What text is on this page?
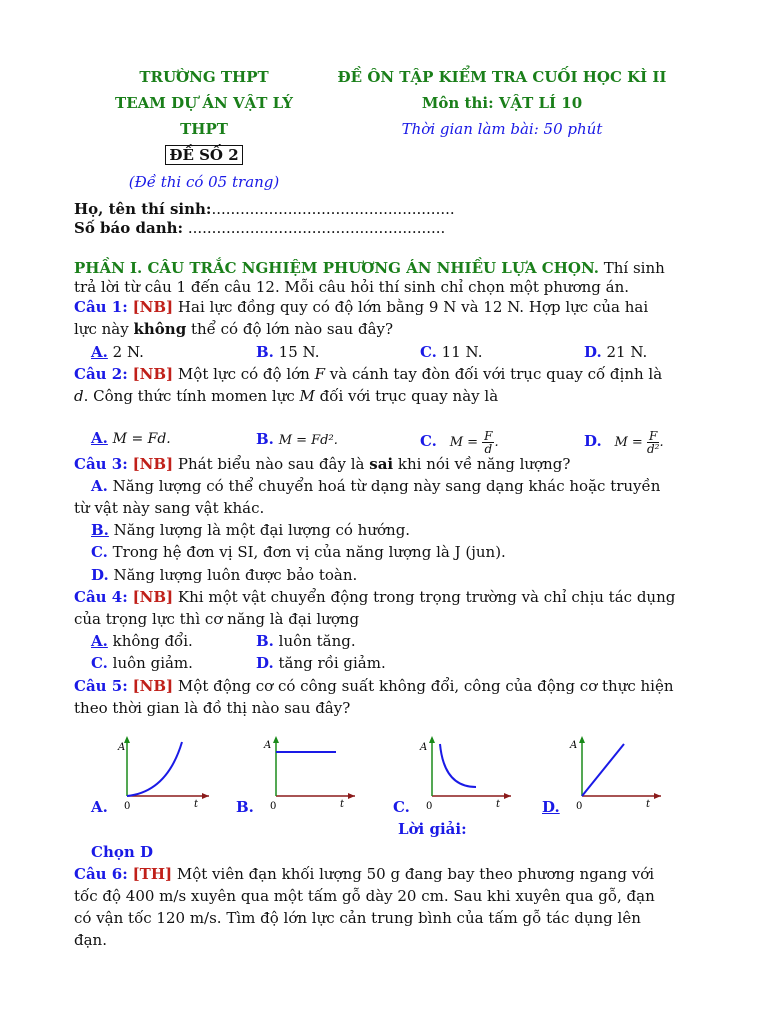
TRƯỜNG THPT
TEAM DỰ ÁN VẬT LÝ
THPT
ĐỀ SỐ 2
(Đề thi có 05 trang)
ĐỀ ÔN TẬP KIỂM TRA CUỐI HỌC KÌ II
Môn thi: VẬT LÍ 10
Thời gian làm bài: 50 phút
Họ, tên thí sinh:...................................................
Số báo danh: ......................................................
PHẦN I. CÂU TRẮC NGHIỆM PHƯƠNG ÁN NHIỀU LỰA CHỌN. Thí sinh
trả lời từ câu 1 đến câu 12. Mỗi câu hỏi thí sinh chỉ chọn một phương án.
Câu 1: [NB] Hai lực đồng quy có độ lớn bằng 9 N và 12 N. Hợp lực của hai
lực này không thể có độ lớn nào sau đây?
A. 2 N.	B. 15 N.	C. 11 N.	D. 21 N.
Câu 2: [NB] Một lực có độ lớn F và cánh tay đòn đối với trục quay cố định là
d. Công thức tính momen lực M đối với trục quay này là
A. M = Fd.	B. M = Fd².	C. $M = \frac{F}{d}$ .	D. $M = \frac{F}{\text{d²}}$ .
Câu 3: [NB] Phát biểu nào sau đây là sai khi nói về năng lượng?
A. Năng lượng có thể chuyển hoá từ dạng này sang dạng khác hoặc truyền
từ vật này sang vật khác.
B. Năng lượng là một đại lượng có hướng.
C. Trong hệ đơn vị SI, đơn vị của năng lượng là J (jun).
D. Năng lượng luôn được bảo toàn.
Câu 4: [NB] Khi một vật chuyển động trong trọng trường và chỉ chịu tác dụng
của trọng lực thì cơ năng là đại lượng
A. không đổi.	B. luôn tăng.
C. luôn giảm.	D. tăng rồi giảm.
Câu 5: [NB] Một động cơ có công suất không đổi, công của động cơ thực hiện
theo thời gian là đồ thị nào sau đây?
A.
A
0	t	B.
A
0	t	C.
A
0	t	D.
A
0	t
Lời giải:
Chọn D
Câu 6: [TH] Một viên đạn khối lượng 50 g đang bay theo phương ngang với
tốc độ 400 m/s xuyên qua một tấm gỗ dày 20 cm. Sau khi xuyên qua gỗ, đạn
có vận tốc 120 m/s. Tìm độ lớn lực cản trung bình của tấm gỗ tác dụng lên
đạn.
